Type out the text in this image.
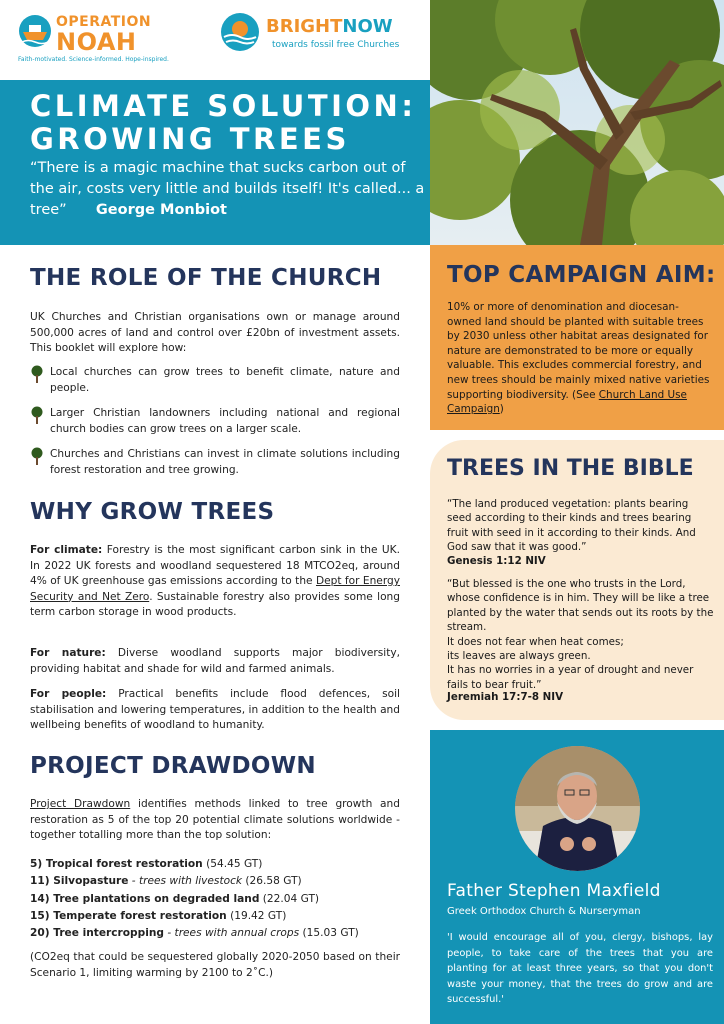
OPERATION
NOAH
Faith-motivated. Science-informed. Hope-inspired.
BRIGHTNOW
towards fossil free Churches
CLIMATE SOLUTION:
GROWING TREES
“There is a magic machine that sucks carbon out of the air, costs very little and builds itself! It's called... a tree” George Monbiot
THE ROLE OF THE CHURCH
UK Churches and Christian organisations own or manage around 500,000 acres of land and control over £20bn of investment assets. This booklet will explore how:
Local churches can grow trees to benefit climate, nature and people.
Larger Christian landowners including national and regional church bodies can grow trees on a larger scale.
Churches and Christians can invest in climate solutions including forest restoration and tree growing.
WHY GROW TREES
For climate: Forestry is the most significant carbon sink in the UK. In 2022 UK forests and woodland sequestered 18 MTCO2eq, around 4% of UK greenhouse gas emissions according to the Dept for Energy Security and Net Zero. Sustainable forestry also provides some long term carbon storage in wood products.
For nature: Diverse woodland supports major biodiversity, providing habitat and shade for wild and farmed animals.
For people: Practical benefits include flood defences, soil stabilisation and lowering temperatures, in addition to the health and wellbeing benefits of woodland to humanity.
PROJECT DRAWDOWN
Project Drawdown identifies methods linked to tree growth and restoration as 5 of the top 20 potential climate solutions worldwide - together totalling more than the top solution:
5) Tropical forest restoration (54.45 GT)
11) Silvopasture - trees with livestock (26.58 GT)
14) Tree plantations on degraded land (22.04 GT)
15) Temperate forest restoration (19.42 GT)
20) Tree intercropping - trees with annual crops (15.03 GT)
(CO2eq that could be sequestered globally 2020-2050 based on their Scenario 1, limiting warming by 2100 to 2˚C.)
TOP CAMPAIGN AIM:
10% or more of denomination and diocesan-owned land should be planted with suitable trees by 2030 unless other habitat areas designated for nature are demonstrated to be more or equally valuable. This excludes commercial forestry, and new trees should be mainly mixed native varieties supporting biodiversity. (See Church Land Use Campaign)
TREES IN THE BIBLE
“The land produced vegetation: plants bearing seed according to their kinds and trees bearing fruit with seed in it according to their kinds. And God saw that it was good.”
Genesis 1:12 NIV
“But blessed is the one who trusts in the Lord, whose confidence is in him. They will be like a tree planted by the water that sends out its roots by the stream.
It does not fear when heat comes;
its leaves are always green.
It has no worries in a year of drought and never fails to bear fruit.”
Jeremiah 17:7-8 NIV
Father Stephen Maxfield
Greek Orthodox Church & Nurseryman
'I would encourage all of you, clergy, bishops, lay people, to take care of the trees that you are planting for at least three years, so that you don't waste your money, that the trees do grow and are successful.'
